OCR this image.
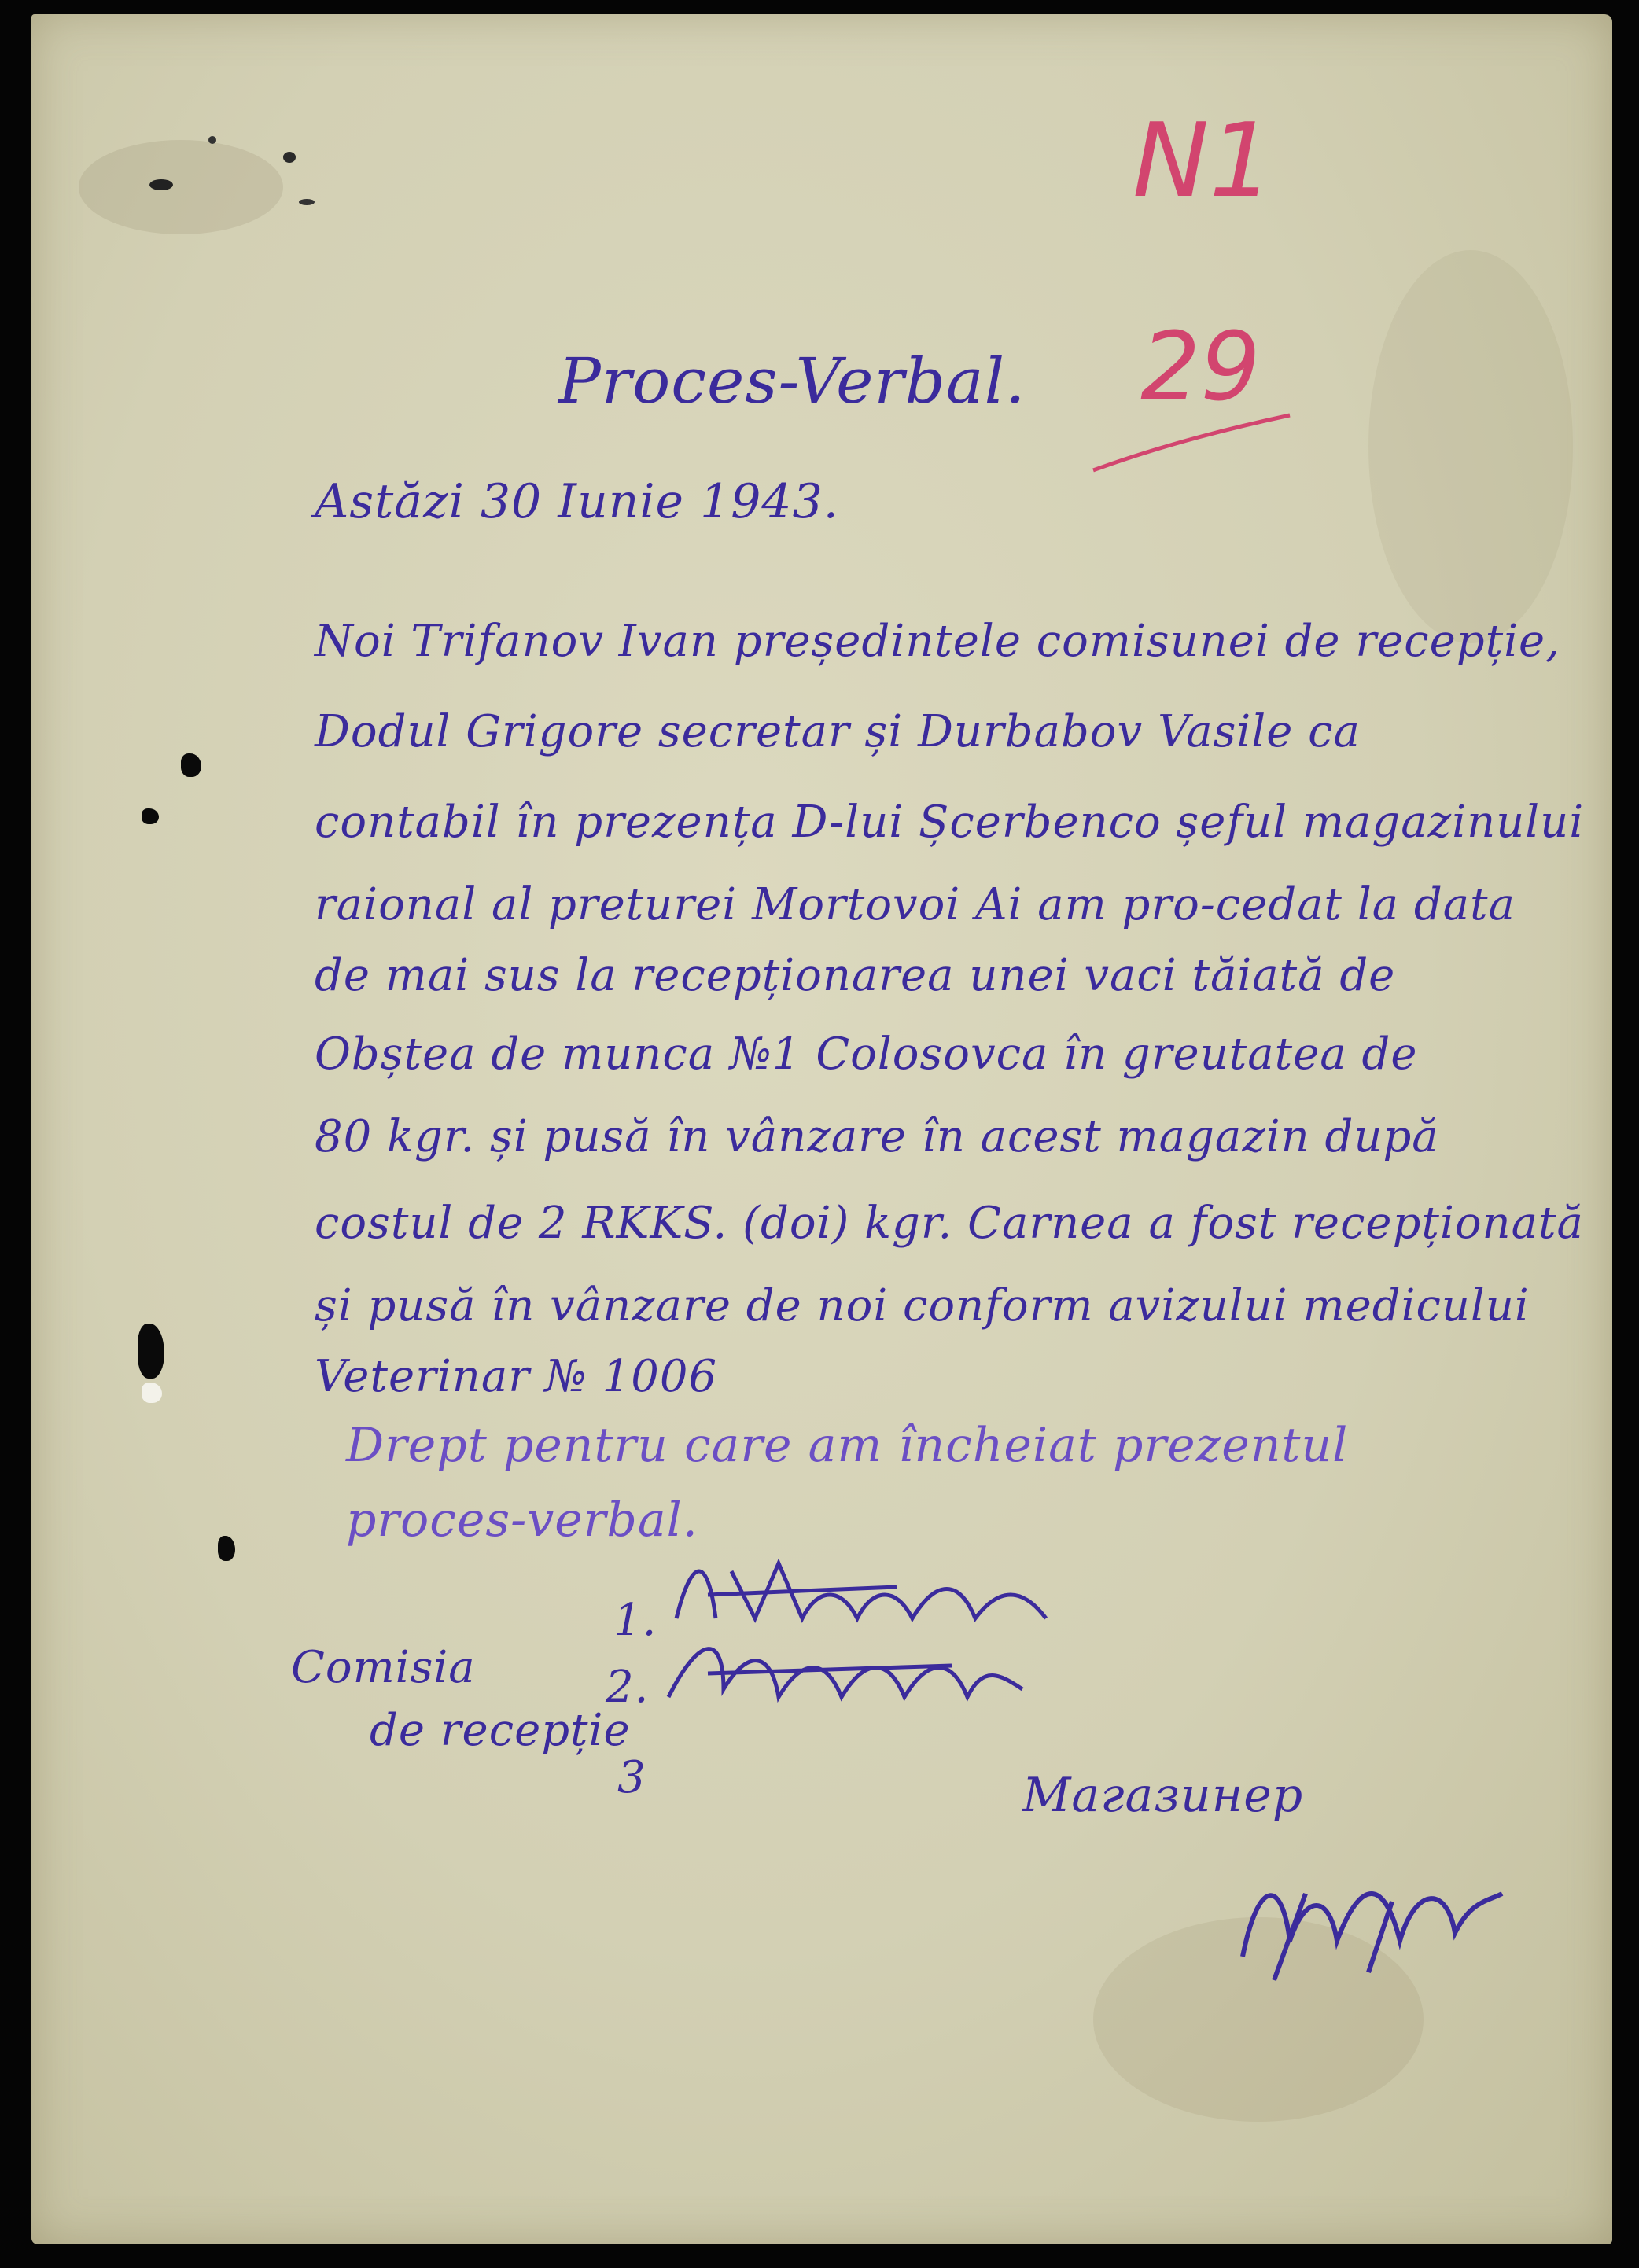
N1
29
Proces-Verbal.
Astăzi 30 Iunie 1943.
Noi Trifanov Ivan președintele comisunei de recepție,
Dodul Grigore secretar și Durbabov Vasile ca
contabil în prezența D-lui Șcerbenco șeful magazinului
raional al preturei Mortovoi Ai am pro-cedat la data
de mai sus la recepționarea unei vaci tăiată de
Obștea de munca №1 Colosovca în greutatea de
80 kgr. și pusă în vânzare în acest magazin după
costul de 2 RKKS. (doi) kgr. Carnea a fost recepționată
și pusă în vânzare de noi conform avizului medicului
Veterinar № 1006
Drept pentru care am încheiat prezentul
proces-verbal.
Comisia
de recepție
1.
2.
3	Магазинер
